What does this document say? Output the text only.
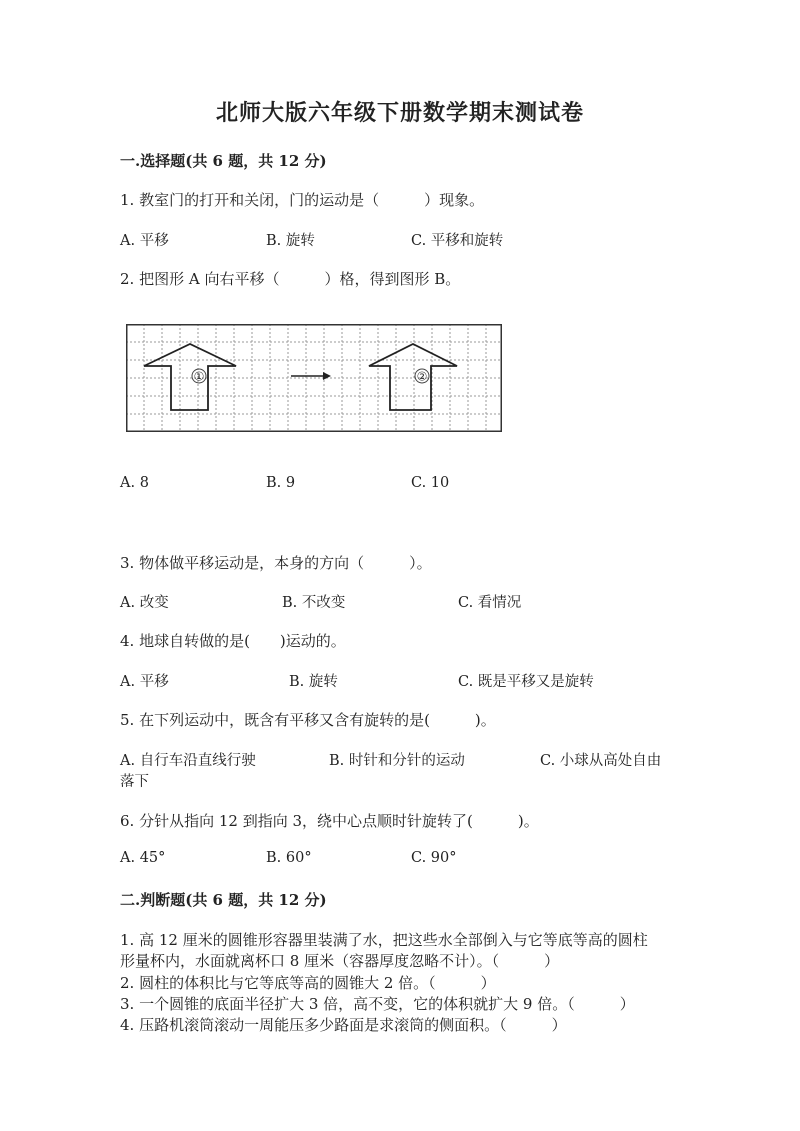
北师大版六年级下册数学期末测试卷

一.选择题(共 6 题，共 12 分)

1. 教室门的打开和关闭，门的运动是（　　　）现象。

A. 平移	B. 旋转	C. 平移和旋转

2. 把图形 A 向右平移（　　　）格，得到图形 B。

①	②
A. 8	B. 9	C. 10

3. 物体做平移运动是，本身的方向（　　　）。

A. 改变	B. 不改变	C. 看情况

4. 地球自转做的是(　　)运动的。

A. 平移	B. 旋转	C. 既是平移又是旋转

5. 在下列运动中，既含有平移又含有旋转的是(　　　)。

A. 自行车沿直线行驶	B. 时针和分针的运动	C. 小球从高处自由
落下

6. 分针从指向 12 到指向 3，绕中心点顺时针旋转了(　　　)。

A. 45°	B. 60°	C. 90°

二.判断题(共 6 题，共 12 分)

1. 高 12 厘米的圆锥形容器里装满了水，把这些水全部倒入与它等底等高的圆柱
形量杯内，水面就离杯口 8 厘米（容器厚度忽略不计）。（　　　）
2. 圆柱的体积比与它等底等高的圆锥大 2 倍。（　　　）
3. 一个圆锥的底面半径扩大 3 倍，高不变，它的体积就扩大 9 倍。（　　　）
4. 压路机滚筒滚动一周能压多少路面是求滚筒的侧面积。（　　　）
